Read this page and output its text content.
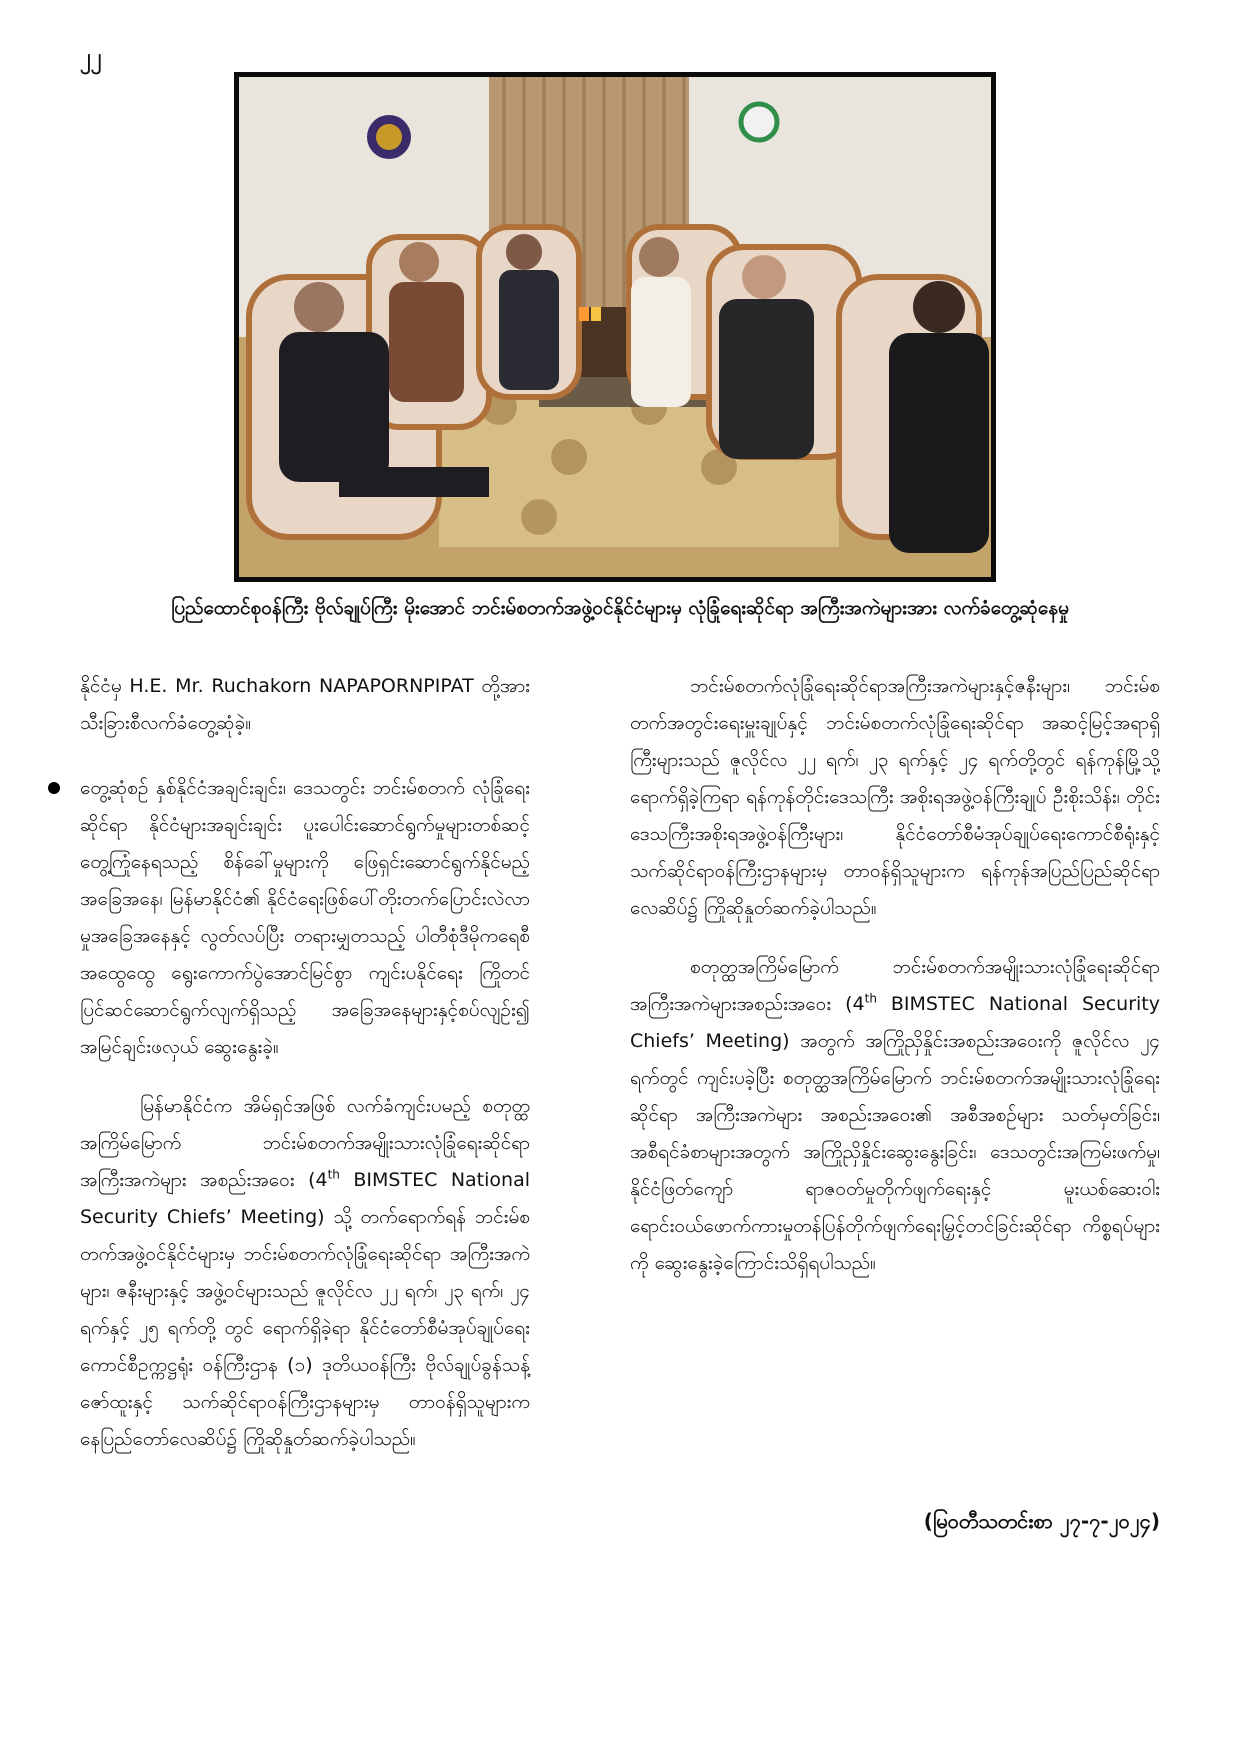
၂၂
ပြည်ထောင်စုဝန်ကြီး ဗိုလ်ချုပ်ကြီး မိုးအောင် ဘင်းမ်စတက်အဖွဲ့ဝင်နိုင်ငံများမှ လုံခြုံရေးဆိုင်ရာ အကြီးအကဲများအား လက်ခံတွေ့ဆုံနေမှု
နိုင်ငံမှ H.E. Mr. Ruchakorn NAPAPORNPIPAT တို့အား သီးခြားစီလက်ခံတွေ့ဆုံခဲ့။
တွေ့ဆုံစဉ် နှစ်နိုင်ငံအချင်းချင်း၊ ဒေသတွင်း ဘင်းမ်စတက် လုံခြုံရေးဆိုင်ရာ နိုင်ငံများအချင်းချင်း ပူးပေါင်းဆောင်ရွက်မှုများတစ်ဆင့် တွေ့ကြုံနေရသည့် စိန်ခေါ်မှုများကို ဖြေရှင်းဆောင်ရွက်နိုင်မည့်အခြေအနေ၊ မြန်မာနိုင်ငံ၏ နိုင်ငံရေးဖြစ်ပေါ်တိုးတက်ပြောင်းလဲလာမှုအခြေအနေနှင့် လွတ်လပ်ပြီး တရားမျှတသည့် ပါတီစုံဒီမိုကရေစီအထွေထွေ ရွေးကောက်ပွဲအောင်မြင်စွာ ကျင်းပနိုင်ရေး ကြိုတင်ပြင်ဆင်ဆောင်ရွက်လျက်ရှိသည့် အခြေအနေများနှင့်စပ်လျဉ်း၍ အမြင်ချင်းဖလှယ် ဆွေးနွေးခဲ့။
မြန်မာနိုင်ငံက အိမ်ရှင်အဖြစ် လက်ခံကျင်းပမည့် စတုတ္ထအကြိမ်မြောက် ဘင်းမ်စတက်အမျိုးသားလုံခြုံရေးဆိုင်ရာအကြီးအကဲများ အစည်းအဝေး (4th BIMSTEC National Security Chiefs’ Meeting) သို့ တက်ရောက်ရန် ဘင်းမ်စတက်အဖွဲ့ဝင်နိုင်ငံများမှ ဘင်းမ်စတက်လုံခြုံရေးဆိုင်ရာ အကြီးအကဲများ၊ ဇနီးများနှင့် အဖွဲ့ဝင်များသည် ဇူလိုင်လ ၂၂ ရက်၊ ၂၃ ရက်၊ ၂၄ ရက်နှင့် ၂၅ ရက်တို့ တွင် ရောက်ရှိခဲ့ရာ နိုင်ငံတော်စီမံအုပ်ချုပ်ရေးကောင်စီဥက္ကဋ္ဌရုံး ဝန်ကြီးဌာန (၁) ဒုတိယဝန်ကြီး ဗိုလ်ချုပ်ခွန်သန့်ဇော်ထူးနှင့် သက်ဆိုင်ရာဝန်ကြီးဌာနများမှ တာဝန်ရှိသူများက နေပြည်တော်လေဆိပ်၌ ကြိုဆိုနှုတ်ဆက်ခဲ့ပါသည်။
ဘင်းမ်စတက်လုံခြုံရေးဆိုင်ရာအကြီးအကဲများနှင့်ဇနီးများ၊ ဘင်းမ်စတက်အတွင်းရေးမှူးချုပ်နှင့် ဘင်းမ်စတက်လုံခြုံရေးဆိုင်ရာ အဆင့်မြင့်အရာရှိကြီးများသည် ဇူလိုင်လ ၂၂ ရက်၊ ၂၃ ရက်နှင့် ၂၄ ရက်တို့တွင် ရန်ကုန်မြို့သို့ ရောက်ရှိခဲ့ကြရာ ရန်ကုန်တိုင်းဒေသကြီး အစိုးရအဖွဲ့ဝန်ကြီးချုပ် ဦးစိုးသိန်း၊ တိုင်းဒေသကြီးအစိုးရအဖွဲ့ဝန်ကြီးများ၊ နိုင်ငံတော်စီမံအုပ်ချုပ်ရေးကောင်စီရုံးနှင့် သက်ဆိုင်ရာဝန်ကြီးဌာနများမှ တာဝန်ရှိသူများက ရန်ကုန်အပြည်ပြည်ဆိုင်ရာလေဆိပ်၌ ကြိုဆိုနှုတ်ဆက်ခဲ့ပါသည်။
စတုတ္ထအကြိမ်မြောက် ဘင်းမ်စတက်အမျိုးသားလုံခြုံရေးဆိုင်ရာအကြီးအကဲများအစည်းအဝေး (4th BIMSTEC National Security Chiefs’ Meeting) အတွက် အကြိုညှိနှိုင်းအစည်းအဝေးကို ဇူလိုင်လ ၂၄ ရက်တွင် ကျင်းပခဲ့ပြီး စတုတ္ထအကြိမ်မြောက် ဘင်းမ်စတက်အမျိုးသားလုံခြုံရေးဆိုင်ရာ အကြီးအကဲများ အစည်းအဝေး၏ အစီအစဉ်များ သတ်မှတ်ခြင်း၊ အစီရင်ခံစာများအတွက် အကြိုညှိနှိုင်းဆွေးနွေးခြင်း၊ ဒေသတွင်းအကြမ်းဖက်မှု၊ နိုင်ငံဖြတ်ကျော် ရာဇဝတ်မှုတိုက်ဖျက်ရေးနှင့် မူးယစ်ဆေးဝါးရောင်းဝယ်ဖောက်ကားမှုတန်ပြန်တိုက်ဖျက်ရေးမြှင့်တင်ခြင်းဆိုင်ရာ ကိစ္စရပ်များကို ဆွေးနွေးခဲ့ကြောင်းသိရှိရပါသည်။
(မြဝတီသတင်းစာ ၂၇-၇-၂၀၂၄)
